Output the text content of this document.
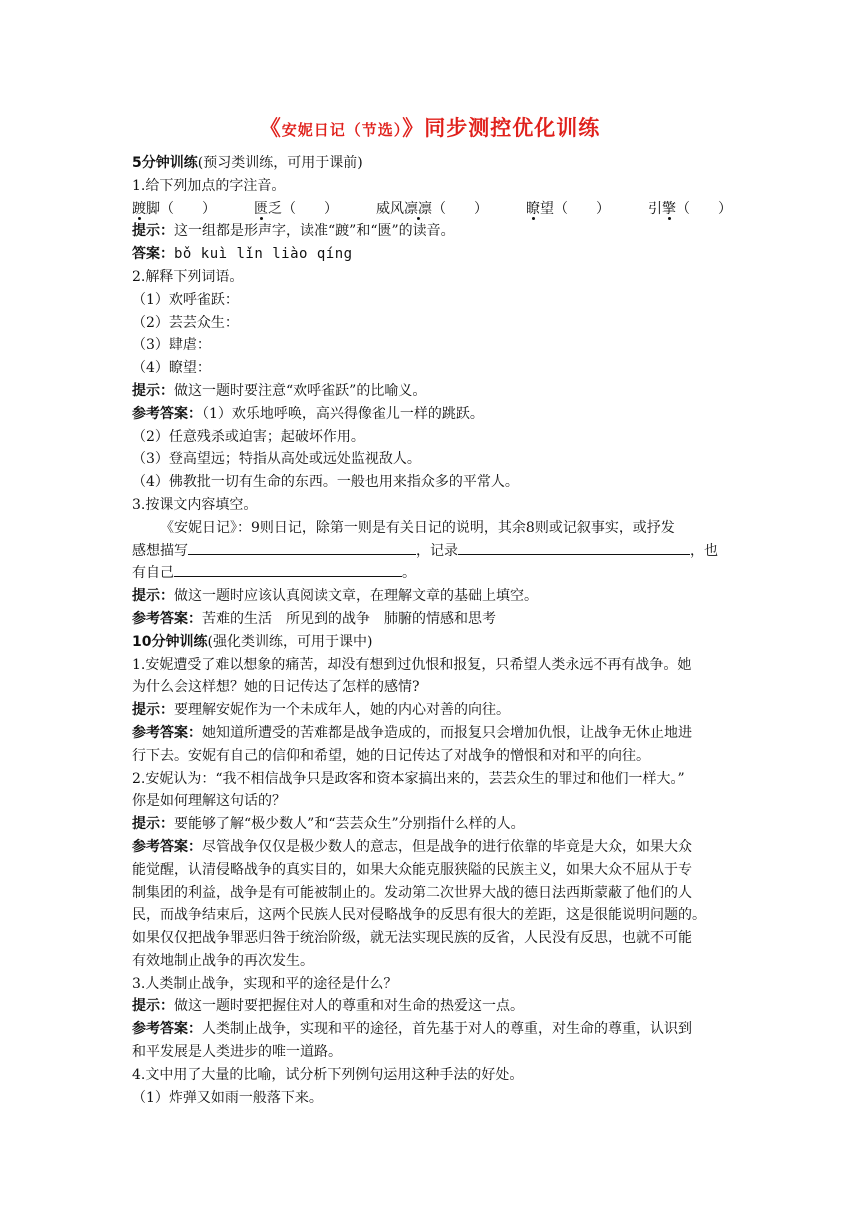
《安妮日记（节选）》同步测控优化训练
5分钟训练(预习类训练，可用于课前)
1.给下列加点的字注音。
踱脚（　　）	匮乏（　　）	威风凛凛（　　）	瞭望（　　）	引擎（　　）
提示：这一组都是形声字，读准“踱”和“匮”的读音。
答案：bǒ kuì lǐn liào qíng
2.解释下列词语。
（1）欢呼雀跃：
（2）芸芸众生：
（3）肆虐：
（4）瞭望：
提示：做这一题时要注意“欢呼雀跃”的比喻义。
参考答案：（1）欢乐地呼唤，高兴得像雀儿一样的跳跃。
（2）任意残杀或迫害；起破坏作用。
（3）登高望远；特指从高处或远处监视敌人。
（4）佛教批一切有生命的东西。一般也用来指众多的平常人。
3.按课文内容填空。
《安妮日记》：9则日记，除第一则是有关日记的说明，其余8则或记叙事实，或抒发
感想描写	，记录	，也
有自己	。
提示：做这一题时应该认真阅读文章，在理解文章的基础上填空。
参考答案：苦难的生活　所见到的战争　肺腑的情感和思考
10分钟训练(强化类训练，可用于课中)
1.安妮遭受了难以想象的痛苦，却没有想到过仇恨和报复，只希望人类永远不再有战争。她
为什么会这样想？她的日记传达了怎样的感情?
提示：要理解安妮作为一个未成年人，她的内心对善的向往。
参考答案：她知道所遭受的苦难都是战争造成的，而报复只会增加仇恨，让战争无休止地进
行下去。安妮有自己的信仰和希望，她的日记传达了对战争的憎恨和对和平的向往。
2.安妮认为：“我不相信战争只是政客和资本家搞出来的，芸芸众生的罪过和他们一样大。”
你是如何理解这句话的？
提示：要能够了解“极少数人”和“芸芸众生”分别指什么样的人。
参考答案：尽管战争仅仅是极少数人的意志，但是战争的进行依靠的毕竟是大众，如果大众
能觉醒，认清侵略战争的真实目的，如果大众能克服狭隘的民族主义，如果大众不屈从于专
制集团的利益，战争是有可能被制止的。发动第二次世界大战的德日法西斯蒙蔽了他们的人
民，而战争结束后，这两个民族人民对侵略战争的反思有很大的差距，这是很能说明问题的。
如果仅仅把战争罪恶归咎于统治阶级，就无法实现民族的反省，人民没有反思，也就不可能
有效地制止战争的再次发生。
3.人类制止战争，实现和平的途径是什么？
提示：做这一题时要把握住对人的尊重和对生命的热爱这一点。
参考答案：人类制止战争，实现和平的途径，首先基于对人的尊重，对生命的尊重，认识到
和平发展是人类进步的唯一道路。
4.文中用了大量的比喻，试分析下列例句运用这种手法的好处。
（1）炸弹又如雨一般落下来。
